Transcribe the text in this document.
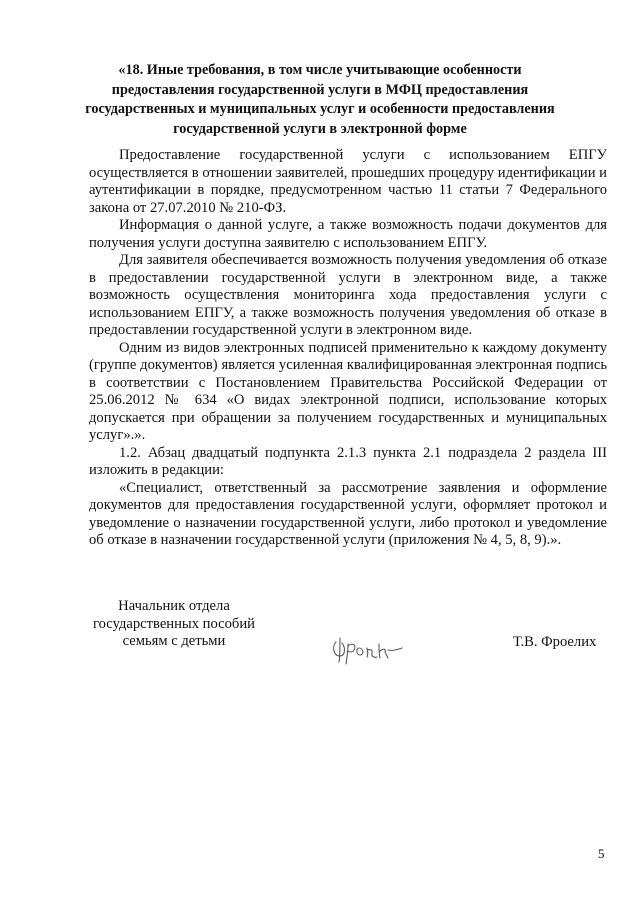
«18. Иные требования, в том числе учитывающие особенности предоставления государственной услуги в МФЦ предоставления государственных и муниципальных услуг и особенности предоставления государственной услуги в электронной форме

Предоставление государственной услуги с использованием ЕПГУ осуществляется в отношении заявителей, прошедших процедуру идентификации и аутентификации в порядке, предусмотренном частью 11 статьи 7 Федерального закона от 27.07.2010 № 210-ФЗ.

Информация о данной услуге, а также возможность подачи документов для получения услуги доступна заявителю с использованием ЕПГУ.

Для заявителя обеспечивается возможность получения уведомления об отказе в предоставлении государственной услуги в электронном виде, а также возможность осуществления мониторинга хода предоставления услуги с использованием ЕПГУ, а также возможность получения уведомления об отказе в предоставлении государственной услуги в электронном виде.

Одним из видов электронных подписей применительно к каждому документу (группе документов) является усиленная квалифицированная электронная подпись в соответствии с Постановлением Правительства Российской Федерации от 25.06.2012 № 634 «О видах электронной подписи, использование которых допускается при обращении за получением государственных и муниципальных услуг».».

1.2. Абзац двадцатый подпункта 2.1.3 пункта 2.1 подраздела 2 раздела III изложить в редакции:

«Специалист, ответственный за рассмотрение заявления и оформление документов для предоставления государственной услуги, оформляет протокол и уведомление о назначении государственной услуги, либо протокол и уведомление об отказе в назначении государственной услуги (приложения № 4, 5, 8, 9).».

Начальник отдела
государственных пособий
семьям с детьми	Т.В. Фроелих
5
